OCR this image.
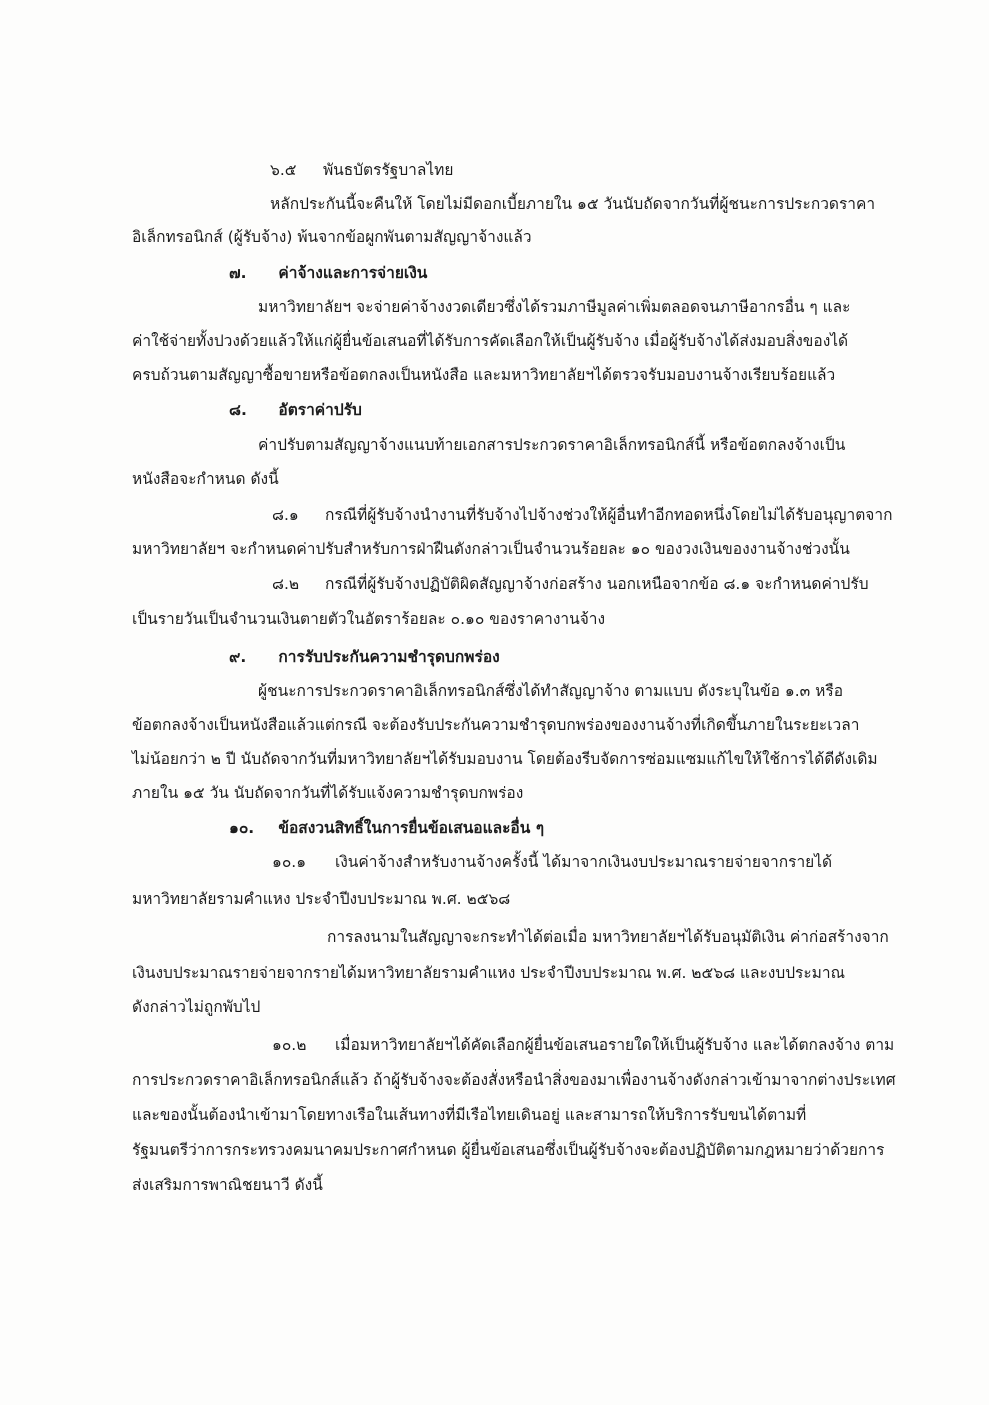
๖.๕ พันธบัตรรัฐบาลไทย
หลักประกันนี้จะคืนให้ โดยไม่มีดอกเบี้ยภายใน ๑๕ วันนับถัดจากวันที่ผู้ชนะการประกวดราคา
อิเล็กทรอนิกส์ (ผู้รับจ้าง) พ้นจากข้อผูกพันตามสัญญาจ้างแล้ว
๗. ค่าจ้างและการจ่ายเงิน
มหาวิทยาลัยฯ จะจ่ายค่าจ้างงวดเดียวซึ่งได้รวมภาษีมูลค่าเพิ่มตลอดจนภาษีอากรอื่น ๆ และ
ค่าใช้จ่ายทั้งปวงด้วยแล้วให้แก่ผู้ยื่นข้อเสนอที่ได้รับการคัดเลือกให้เป็นผู้รับจ้าง เมื่อผู้รับจ้างได้ส่งมอบสิ่งของได้
ครบถ้วนตามสัญญาซื้อขายหรือข้อตกลงเป็นหนังสือ และมหาวิทยาลัยฯได้ตรวจรับมอบงานจ้างเรียบร้อยแล้ว
๘. อัตราค่าปรับ
ค่าปรับตามสัญญาจ้างแนบท้ายเอกสารประกวดราคาอิเล็กทรอนิกส์นี้ หรือข้อตกลงจ้างเป็น
หนังสือจะกำหนด ดังนี้
๘.๑ กรณีที่ผู้รับจ้างนำงานที่รับจ้างไปจ้างช่วงให้ผู้อื่นทำอีกทอดหนึ่งโดยไม่ได้รับอนุญาตจาก
มหาวิทยาลัยฯ จะกำหนดค่าปรับสำหรับการฝ่าฝืนดังกล่าวเป็นจำนวนร้อยละ ๑๐ ของวงเงินของงานจ้างช่วงนั้น
๘.๒ กรณีที่ผู้รับจ้างปฏิบัติผิดสัญญาจ้างก่อสร้าง นอกเหนือจากข้อ ๘.๑ จะกำหนดค่าปรับ
เป็นรายวันเป็นจำนวนเงินตายตัวในอัตราร้อยละ ๐.๑๐ ของราคางานจ้าง
๙. การรับประกันความชำรุดบกพร่อง
ผู้ชนะการประกวดราคาอิเล็กทรอนิกส์ซึ่งได้ทำสัญญาจ้าง ตามแบบ ดังระบุในข้อ ๑.๓ หรือ
ข้อตกลงจ้างเป็นหนังสือแล้วแต่กรณี จะต้องรับประกันความชำรุดบกพร่องของงานจ้างที่เกิดขึ้นภายในระยะเวลา
ไม่น้อยกว่า ๒ ปี นับถัดจากวันที่มหาวิทยาลัยฯได้รับมอบงาน โดยต้องรีบจัดการซ่อมแซมแก้ไขให้ใช้การได้ดีดังเดิม
ภายใน ๑๕ วัน นับถัดจากวันที่ได้รับแจ้งความชำรุดบกพร่อง
๑๐. ข้อสงวนสิทธิ์ในการยื่นข้อเสนอและอื่น ๆ
๑๐.๑ เงินค่าจ้างสำหรับงานจ้างครั้งนี้ ได้มาจากเงินงบประมาณรายจ่ายจากรายได้
มหาวิทยาลัยรามคำแหง ประจำปีงบประมาณ พ.ศ. ๒๕๖๘
การลงนามในสัญญาจะกระทำได้ต่อเมื่อ มหาวิทยาลัยฯได้รับอนุมัติเงิน ค่าก่อสร้างจาก
เงินงบประมาณรายจ่ายจากรายได้มหาวิทยาลัยรามคำแหง ประจำปีงบประมาณ พ.ศ. ๒๕๖๘ และงบประมาณ
ดังกล่าวไม่ถูกพับไป
๑๐.๒ เมื่อมหาวิทยาลัยฯได้คัดเลือกผู้ยื่นข้อเสนอรายใดให้เป็นผู้รับจ้าง และได้ตกลงจ้าง ตาม
การประกวดราคาอิเล็กทรอนิกส์แล้ว ถ้าผู้รับจ้างจะต้องสั่งหรือนำสิ่งของมาเพื่องานจ้างดังกล่าวเข้ามาจากต่างประเทศ
และของนั้นต้องนำเข้ามาโดยทางเรือในเส้นทางที่มีเรือไทยเดินอยู่ และสามารถให้บริการรับขนได้ตามที่
รัฐมนตรีว่าการกระทรวงคมนาคมประกาศกำหนด ผู้ยื่นข้อเสนอซึ่งเป็นผู้รับจ้างจะต้องปฏิบัติตามกฎหมายว่าด้วยการ
ส่งเสริมการพาณิชยนาวี ดังนี้
